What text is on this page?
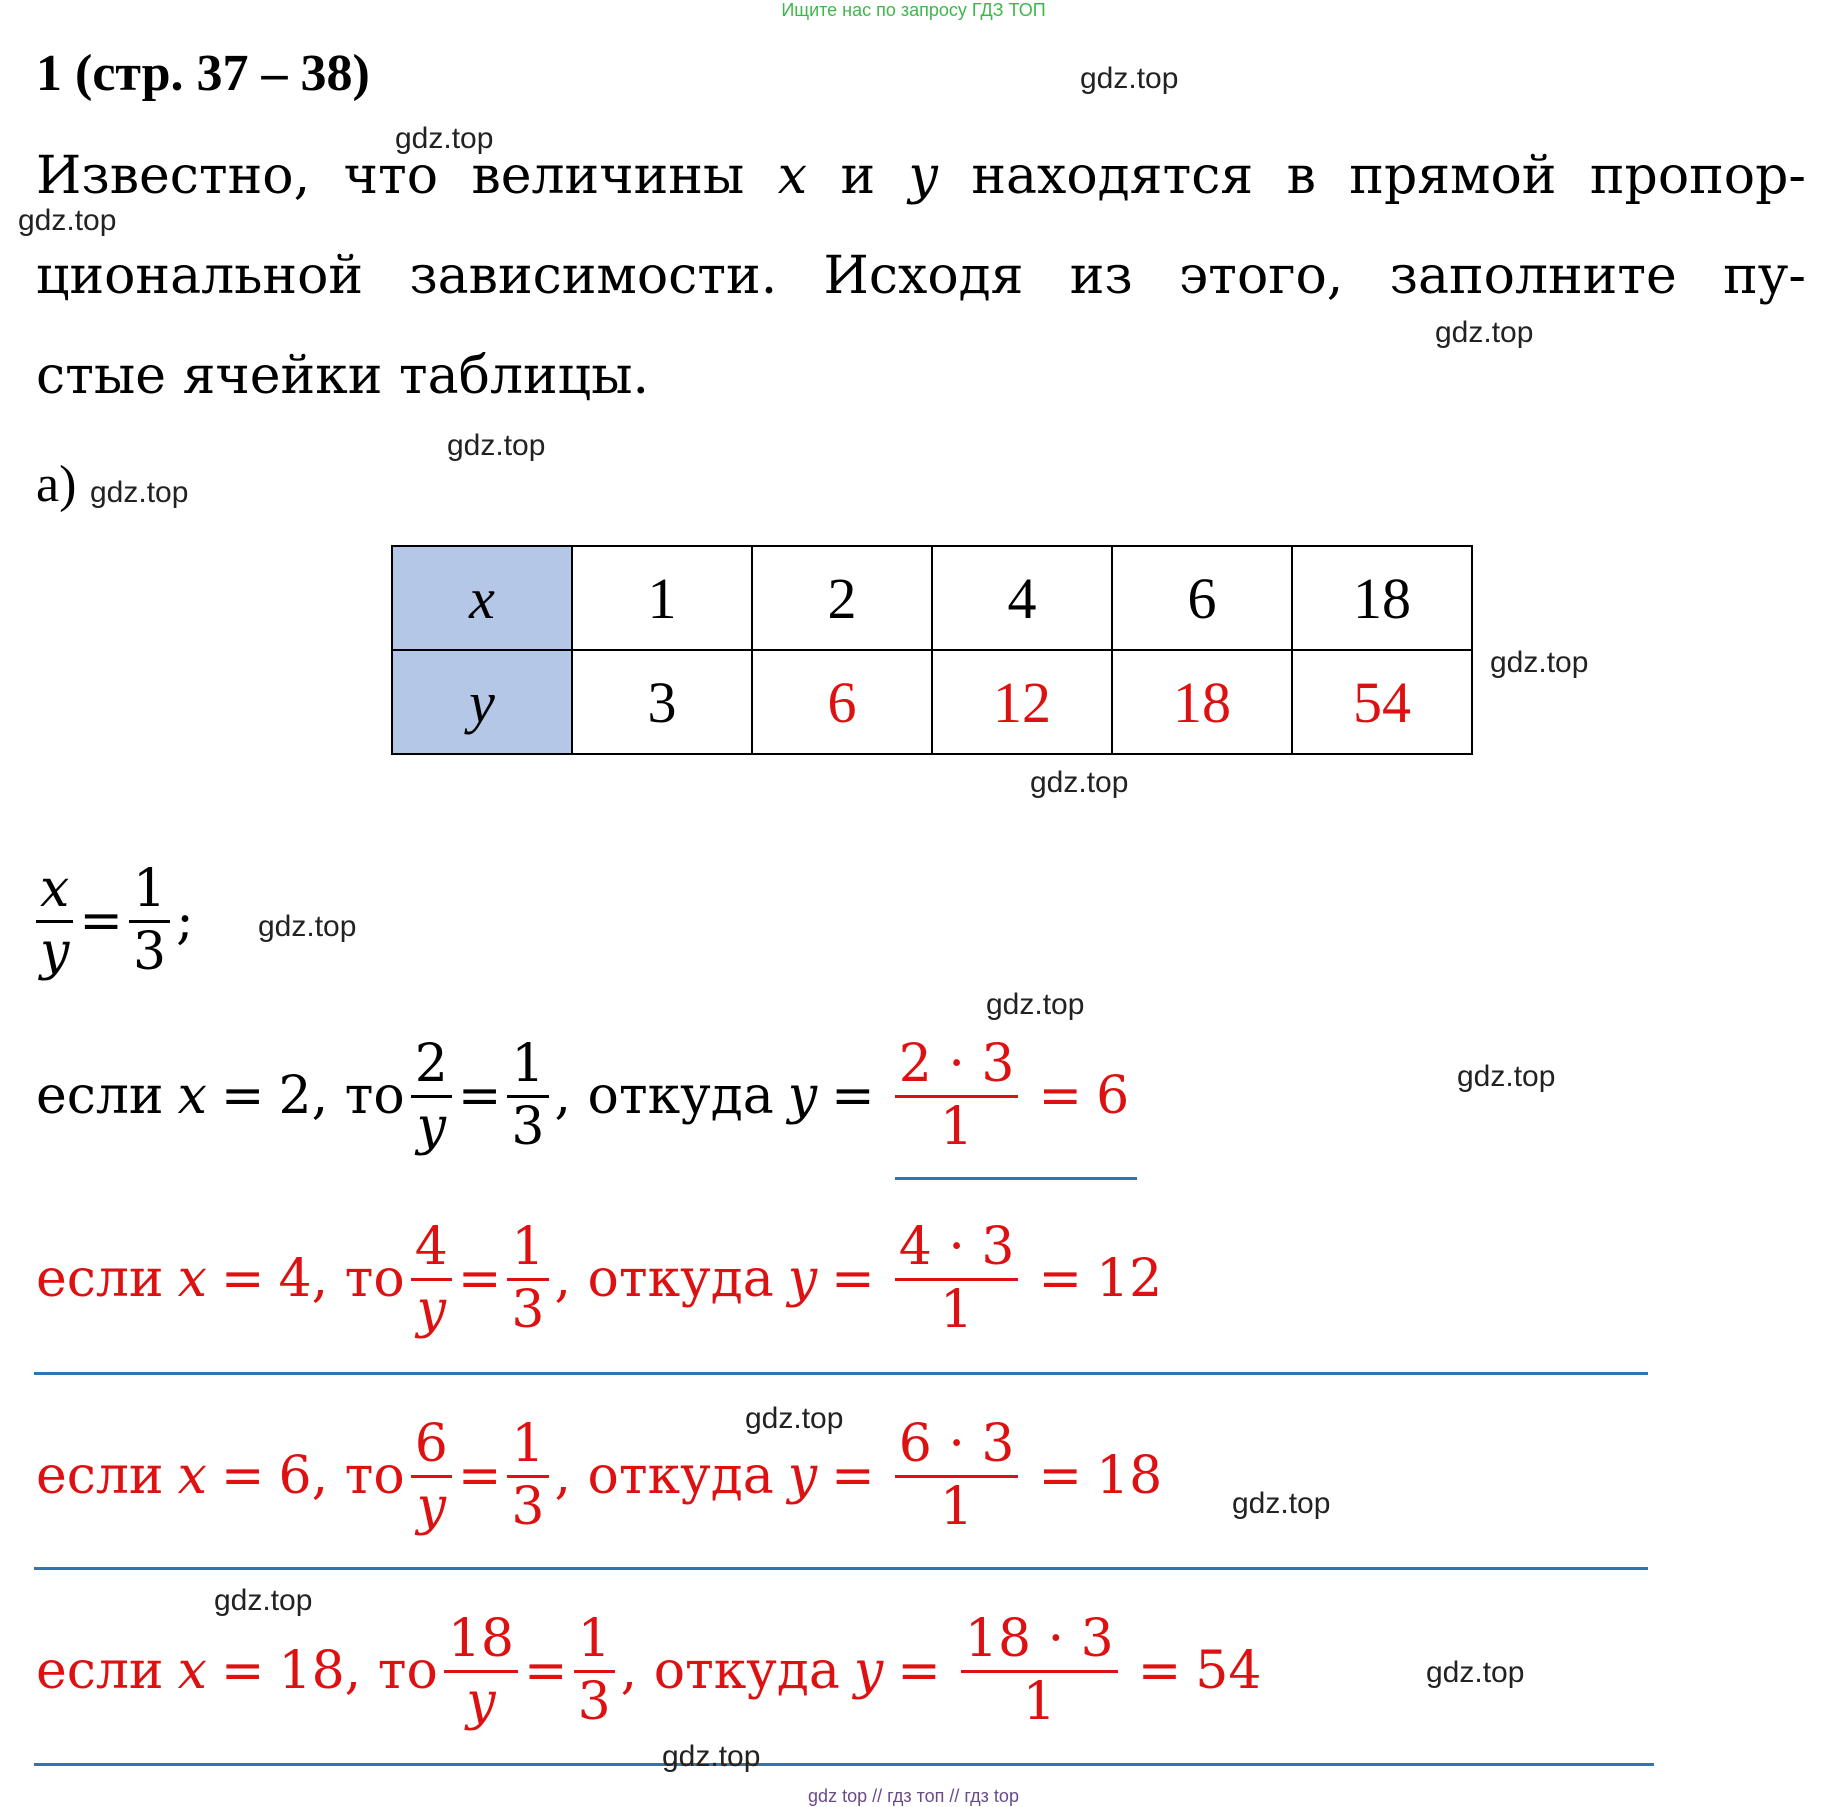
Ищите нас по запросу ГДЗ ТОП
1 (стр. 37 – 38)
Известно, что величины x и y находятся в прямой пропор-
циональной зависимости. Исходя из этого, заполните пу-
стые ячейки таблицы.
а)
x	1	2	4	6	18
y	3	6	12	18	54
$\frac{x}{y} = \frac{1}{3}$ ;
если x = 2 , то $\frac{2}{y} = \frac{1}{3}$ , откуда $y = \frac{2 \cdot 3}{1} = 6$
если x = 4 , то $\frac{4}{y} = \frac{1}{3}$ , откуда $y = \frac{4 \cdot 3}{1} = 12$
если x = 6 , то $\frac{6}{y} = \frac{1}{3}$ , откуда $y = \frac{6 \cdot 3}{1} = 18$
если x = 18 , то $\frac{18}{y} = \frac{1}{3}$ , откуда $y = \frac{18 \cdot 3}{1} = 54$
gdz.top
gdz.top
gdz.top
gdz.top
gdz.top
gdz.top
gdz.top
gdz.top
gdz.top
gdz.top
gdz.top
gdz.top
gdz.top
gdz.top
gdz.top
gdz.top
gdz top // гдз топ // гдз top
